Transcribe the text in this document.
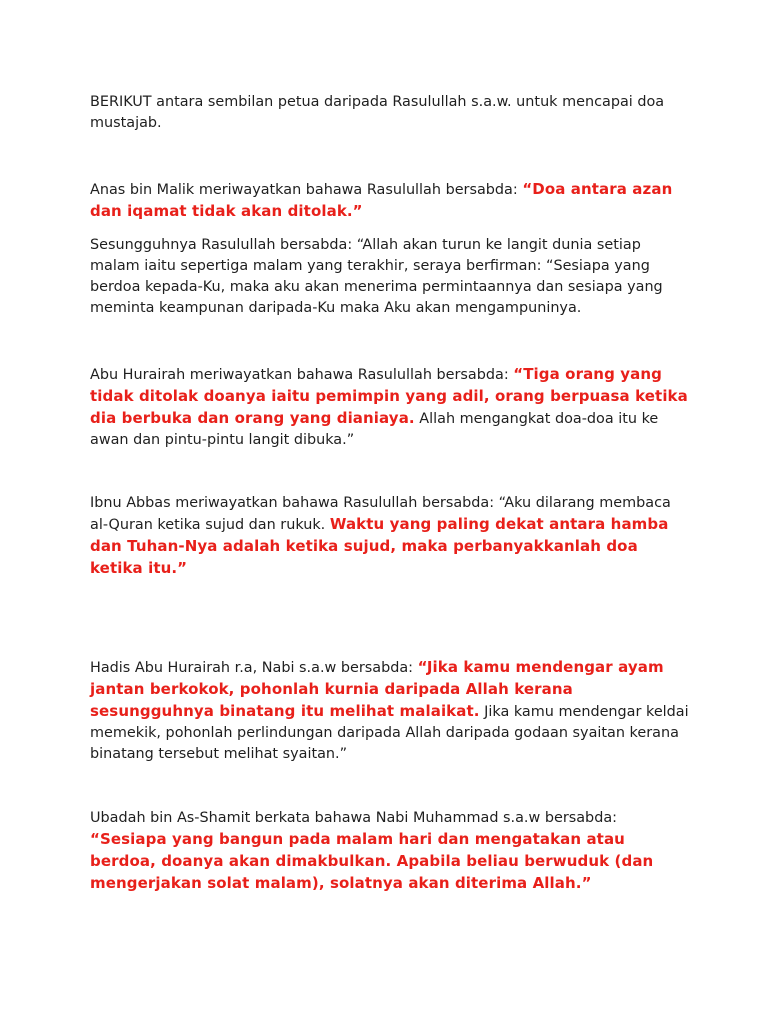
BERIKUT antara sembilan petua daripada Rasulullah s.a.w. untuk mencapai doa mustajab.

Anas bin Malik meriwayatkan bahawa Rasulullah bersabda: “Doa antara azan dan iqamat tidak akan ditolak.”

Sesungguhnya Rasulullah bersabda: “Allah akan turun ke langit dunia setiap malam iaitu sepertiga malam yang terakhir, seraya berfirman: “Sesiapa yang berdoa kepada-Ku, maka aku akan menerima permintaannya dan sesiapa yang meminta keampunan daripada-Ku maka Aku akan mengampuninya.

Abu Hurairah meriwayatkan bahawa Rasulullah bersabda: “Tiga orang yang tidak ditolak doanya iaitu pemimpin yang adil, orang berpuasa ketika dia berbuka dan orang yang dianiaya. Allah mengangkat doa-doa itu ke awan dan pintu-pintu langit dibuka.”

Ibnu Abbas meriwayatkan bahawa Rasulullah bersabda: “Aku dilarang membaca al-Quran ketika sujud dan rukuk. Waktu yang paling dekat antara hamba dan Tuhan-Nya adalah ketika sujud, maka perbanyakkanlah doa ketika itu.”

Hadis Abu Hurairah r.a, Nabi s.a.w bersabda: “Jika kamu mendengar ayam jantan berkokok, pohonlah kurnia daripada Allah kerana sesungguhnya binatang itu melihat malaikat. Jika kamu mendengar keldai memekik, pohonlah perlindungan daripada Allah daripada godaan syaitan kerana binatang tersebut melihat syaitan.”

Ubadah bin As-Shamit berkata bahawa Nabi Muhammad s.a.w bersabda: “Sesiapa yang bangun pada malam hari dan mengatakan atau berdoa, doanya akan dimakbulkan. Apabila beliau berwuduk (dan mengerjakan solat malam), solatnya akan diterima Allah.”
